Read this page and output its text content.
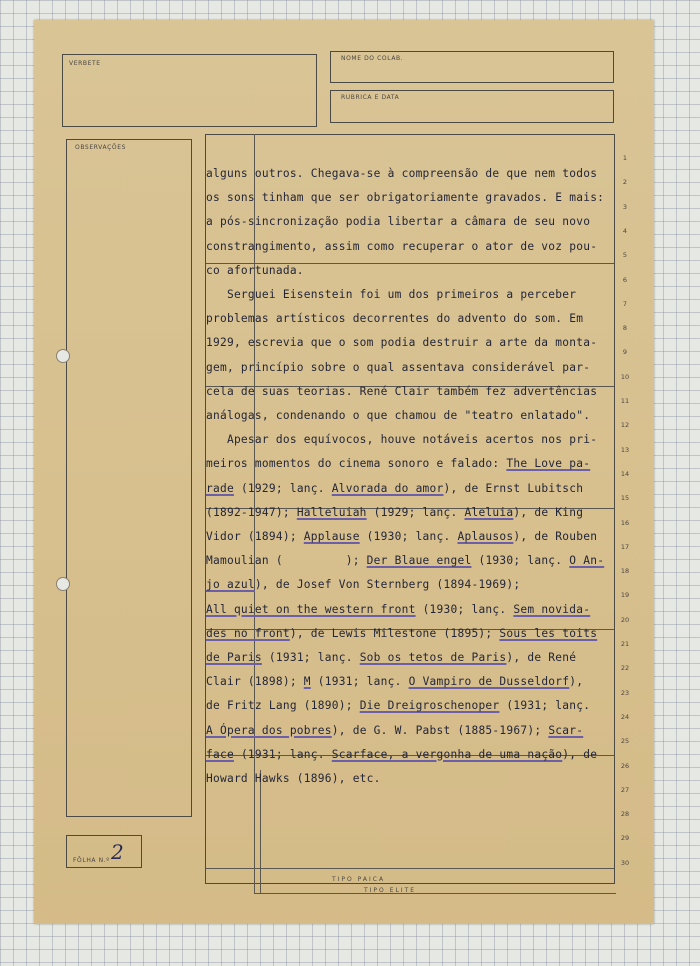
VERBETE
NOME DO COLAB.
RUBRICA E DATA
OBSERVAÇÕES
FÔLHA N.º 2
TIPO PAICA
TIPO ELITE
alguns outros. Chegava-se à compreensão de que nem todos
os sons tinham que ser obrigatoriamente gravados. E mais:
a pós-sincronização podia libertar a câmara de seu novo
constrangimento, assim como recuperar o ator de voz pou-
co afortunada.
Serguei Eisenstein foi um dos primeiros a perceber
problemas artísticos decorrentes do advento do som. Em
1929, escrevia que o som podia destruir a arte da monta-
gem, princípio sobre o qual assentava considerável par-
cela de suas teorias. René Clair também fez advertências
análogas, condenando o que chamou de "teatro enlatado".
Apesar dos equívocos, houve notáveis acertos nos pri-
meiros momentos do cinema sonoro e falado: The Love pa-
rade (1929; lanç. Alvorada do amor), de Ernst Lubitsch
(1892-1947); Halleluiah (1929; lanç. Aleluia), de King
Vidor (1894); Applause (1930; lanç. Aplausos), de Rouben
Mamoulian (         ); Der Blaue engel (1930; lanç. O An-
jo azul), de Josef Von Sternberg (1894-1969);
All quiet on the western front (1930; lanç. Sem novida-
des no front), de Lewis Milestone (1895); Sous les toits
de Paris (1931; lanç. Sob os tetos de Paris), de René
Clair (1898); M (1931; lanç. O Vampiro de Dusseldorf),
de Fritz Lang (1890); Die Dreigroschenoper (1931; lanç.
A Ópera dos pobres), de G. W. Pabst (1885-1967); Scar-
face (1931; lanç. Scarface, a vergonha de uma nação), de
Howard Hawks (1896), etc.
1
2
3
4
5
6
7
8
9
10
11
12
13
14
15
16
17
18
19
20
21
22
23
24
25
26
27
28
29
30
